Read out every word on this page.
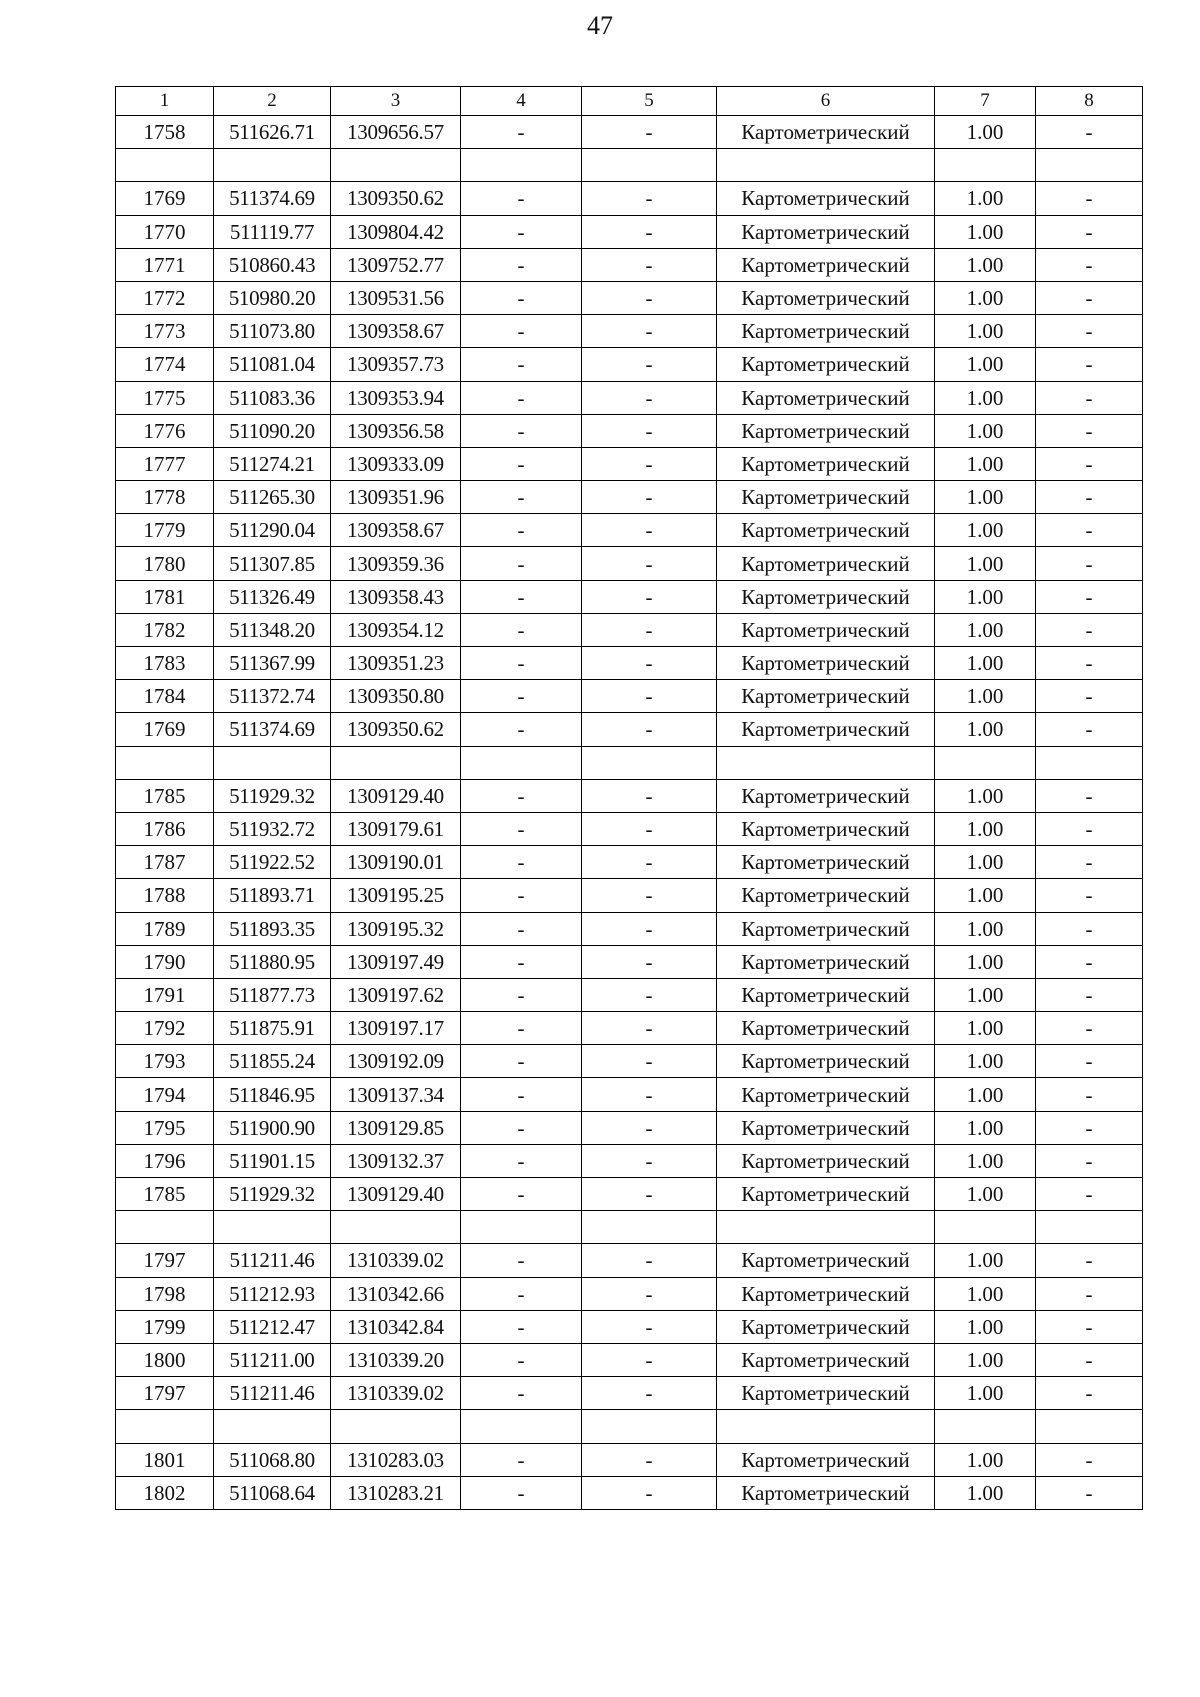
47
1	2	3	4	5	6	7	8
1758	511626.71	1309656.57	-	-	Картометрический	1.00	-

1769	511374.69	1309350.62	-	-	Картометрический	1.00	-
1770	511119.77	1309804.42	-	-	Картометрический	1.00	-
1771	510860.43	1309752.77	-	-	Картометрический	1.00	-
1772	510980.20	1309531.56	-	-	Картометрический	1.00	-
1773	511073.80	1309358.67	-	-	Картометрический	1.00	-
1774	511081.04	1309357.73	-	-	Картометрический	1.00	-
1775	511083.36	1309353.94	-	-	Картометрический	1.00	-
1776	511090.20	1309356.58	-	-	Картометрический	1.00	-
1777	511274.21	1309333.09	-	-	Картометрический	1.00	-
1778	511265.30	1309351.96	-	-	Картометрический	1.00	-
1779	511290.04	1309358.67	-	-	Картометрический	1.00	-
1780	511307.85	1309359.36	-	-	Картометрический	1.00	-
1781	511326.49	1309358.43	-	-	Картометрический	1.00	-
1782	511348.20	1309354.12	-	-	Картометрический	1.00	-
1783	511367.99	1309351.23	-	-	Картометрический	1.00	-
1784	511372.74	1309350.80	-	-	Картометрический	1.00	-
1769	511374.69	1309350.62	-	-	Картометрический	1.00	-

1785	511929.32	1309129.40	-	-	Картометрический	1.00	-
1786	511932.72	1309179.61	-	-	Картометрический	1.00	-
1787	511922.52	1309190.01	-	-	Картометрический	1.00	-
1788	511893.71	1309195.25	-	-	Картометрический	1.00	-
1789	511893.35	1309195.32	-	-	Картометрический	1.00	-
1790	511880.95	1309197.49	-	-	Картометрический	1.00	-
1791	511877.73	1309197.62	-	-	Картометрический	1.00	-
1792	511875.91	1309197.17	-	-	Картометрический	1.00	-
1793	511855.24	1309192.09	-	-	Картометрический	1.00	-
1794	511846.95	1309137.34	-	-	Картометрический	1.00	-
1795	511900.90	1309129.85	-	-	Картометрический	1.00	-
1796	511901.15	1309132.37	-	-	Картометрический	1.00	-
1785	511929.32	1309129.40	-	-	Картометрический	1.00	-

1797	511211.46	1310339.02	-	-	Картометрический	1.00	-
1798	511212.93	1310342.66	-	-	Картометрический	1.00	-
1799	511212.47	1310342.84	-	-	Картометрический	1.00	-
1800	511211.00	1310339.20	-	-	Картометрический	1.00	-
1797	511211.46	1310339.02	-	-	Картометрический	1.00	-

1801	511068.80	1310283.03	-	-	Картометрический	1.00	-
1802	511068.64	1310283.21	-	-	Картометрический	1.00	-
